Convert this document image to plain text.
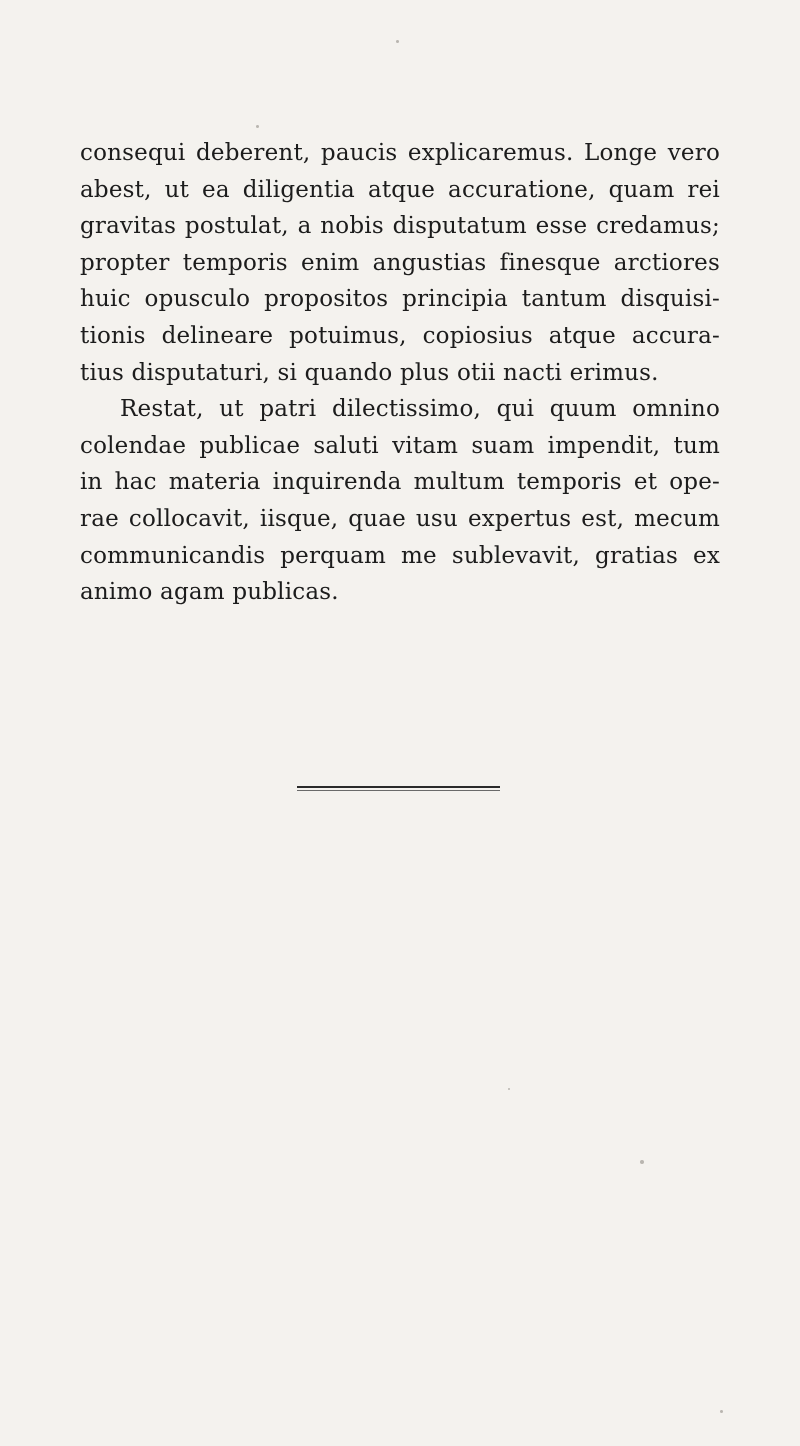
consequi deberent, paucis explicaremus. Longe vero
abest, ut ea diligentia atque accuratione, quam rei
gravitas postulat, a nobis disputatum esse credamus;
propter temporis enim angustias finesque arctiores
huic opusculo propositos principia tantum disquisi-
tionis delineare potuimus, copiosius atque accura-
tius disputaturi, si quando plus otii nacti erimus.
Restat, ut patri dilectissimo, qui quum omnino
colendae publicae saluti vitam suam impendit, tum
in hac materia inquirenda multum temporis et ope-
rae collocavit, iisque, quae usu expertus est, mecum
communicandis perquam me sublevavit, gratias ex
animo agam publicas.
